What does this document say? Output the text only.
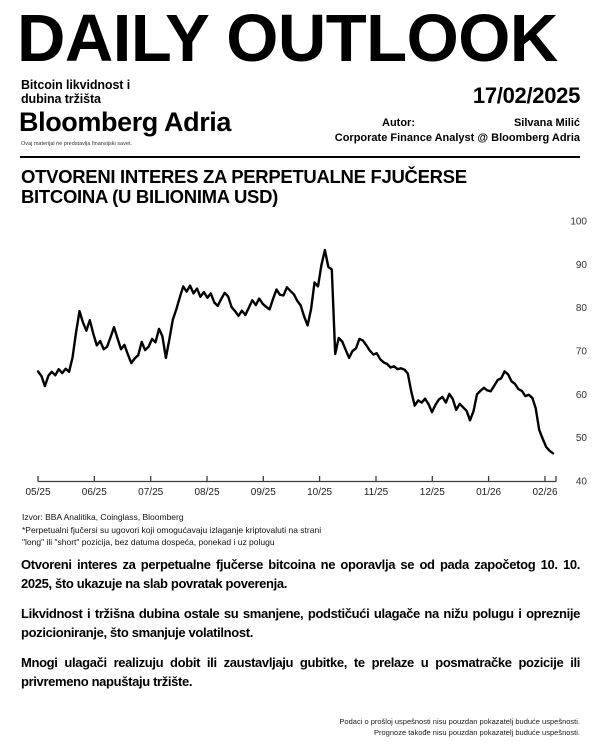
DAILY OUTLOOK
Bitcoin likvidnost i
dubina tržišta	17/02/2025
Bloomberg Adria
Ovaj materijal ne predstavlja finansijski savet.
Autor:	Silvana Milić
Corporate Finance Analyst @ Bloomberg Adria
OTVORENI INTERES ZA PERPETUALNE FJUČERSE
BITCOINA (U BILIONIMA USD)
05/25	06/25	07/25	08/25	09/25	10/25	11/25	12/25	01/26	02/26
100
90
80
70
60
50
40
Izvor: BBA Analitika, Coinglass, Bloomberg
*Perpetualni fjučersi su ugovori koji omogućavaju izlaganje kriptovaluti na strani
"long" ili "short" pozicija, bez datuma dospeća, ponekad i uz polugu

Otvoreni interes za perpetualne fjučerse bitcoina ne oporavlja se od pada započetog 10. 10. 2025, što ukazuje na slab povratak poverenja.

Likvidnost i tržišna dubina ostale su smanjene, podstičući ulagače na nižu polugu i opreznije pozicioniranje, što smanjuje volatilnost.

Mnogi ulagači realizuju dobit ili zaustavljaju gubitke, te prelaze u posmatračke pozicije ili privremeno napuštaju tržište.

Podaci o prošloj uspešnosti nisu pouzdan pokazatelj buduće uspešnosti.
Prognoze takođe nisu pouzdan pokazatelj buduće uspešnosti.
